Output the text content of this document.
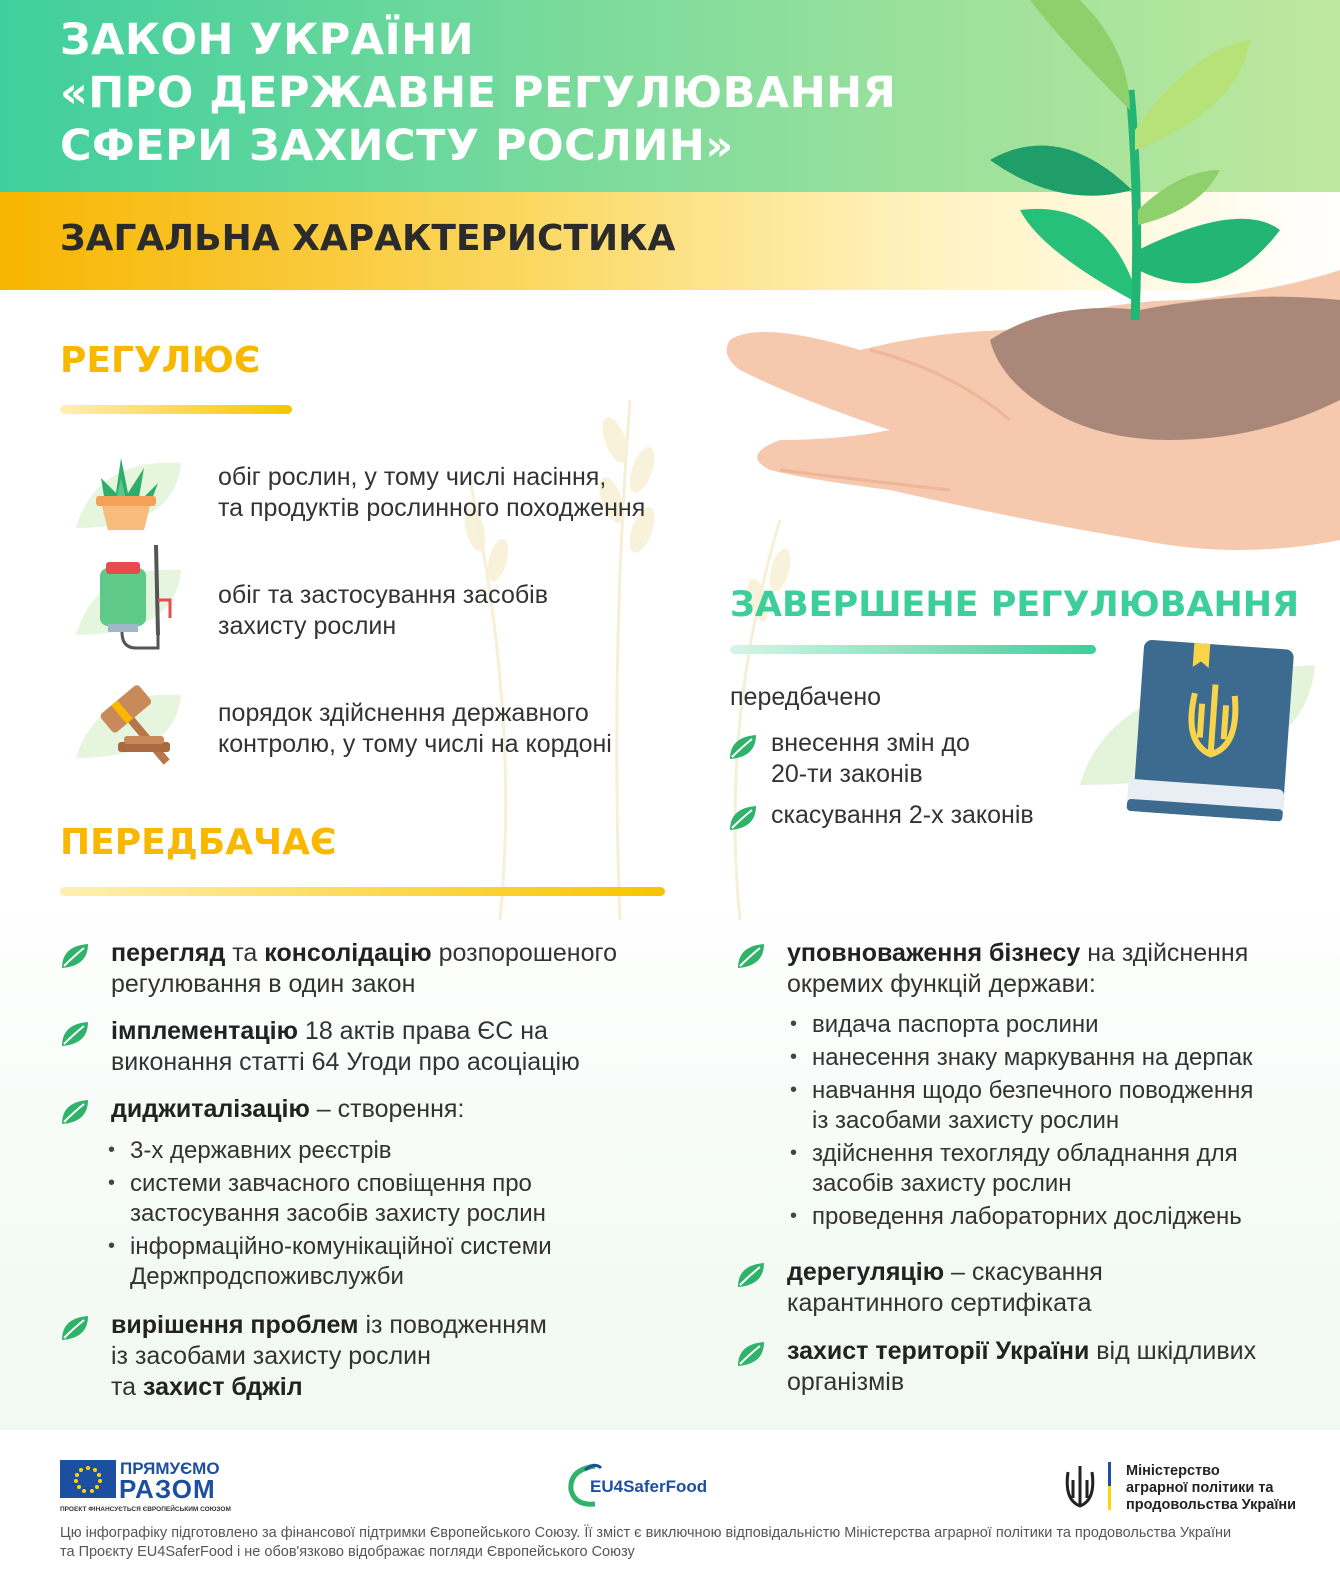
ЗАКОН УКРАЇНИ
«ПРО ДЕРЖАВНЕ РЕГУЛЮВАННЯ
СФЕРИ ЗАХИСТУ РОСЛИН»
ЗАГАЛЬНА ХАРАКТЕРИСТИКА
РЕГУЛЮЄ
обіг рослин, у тому числі насіння,
та продуктів рослинного походження
обіг та застосування засобів
захисту рослин
порядок здійснення державного
контролю, у тому числі на кордоні
ЗАВЕРШЕНЕ РЕГУЛЮВАННЯ
передбачено
внесення змін до
20-ти законів
скасування 2-х законів
ПЕРЕДБАЧАЄ
перегляд та консолідацію розпорошеного
регулювання в один закон
імплементацію 18 актів права ЄС на
виконання статті 64 Угоди про асоціацію
диджиталізацію – створення:
• 3-х державних реєстрів
• системи завчасного сповіщення про
застосування засобів захисту рослин
• інформаційно-комунікаційної системи
Держпродспоживслужби
вирішення проблем із поводженням
із засобами захисту рослин
та захист бджіл
уповноваження бізнесу на здійснення
окремих функцій держави:
• видача паспорта рослини
• нанесення знаку маркування на дерпак
• навчання щодо безпечного поводження
із засобами захисту рослин
• здійснення техогляду обладнання для
засобів захисту рослин
• проведення лабораторних досліджень
дерегуляцію – скасування
карантинного сертифіката
захист території України від шкідливих
організмів
ПРЯМУЄМО
РАЗОМ
ПРОЕКТ ФІНАНСУЄТЬСЯ ЄВРОПЕЙСЬКИМ СОЮЗОМ
EU4SaferFood
Міністерство
аграрної політики та
продовольства України
Цю інфографіку підготовлено за фінансової підтримки Європейського Союзу. Її зміст є виключною відповідальністю Міністерства аграрної політики та продовольства України
та Проєкту EU4SaferFood і не обов'язково відображає погляди Європейського Союзу
